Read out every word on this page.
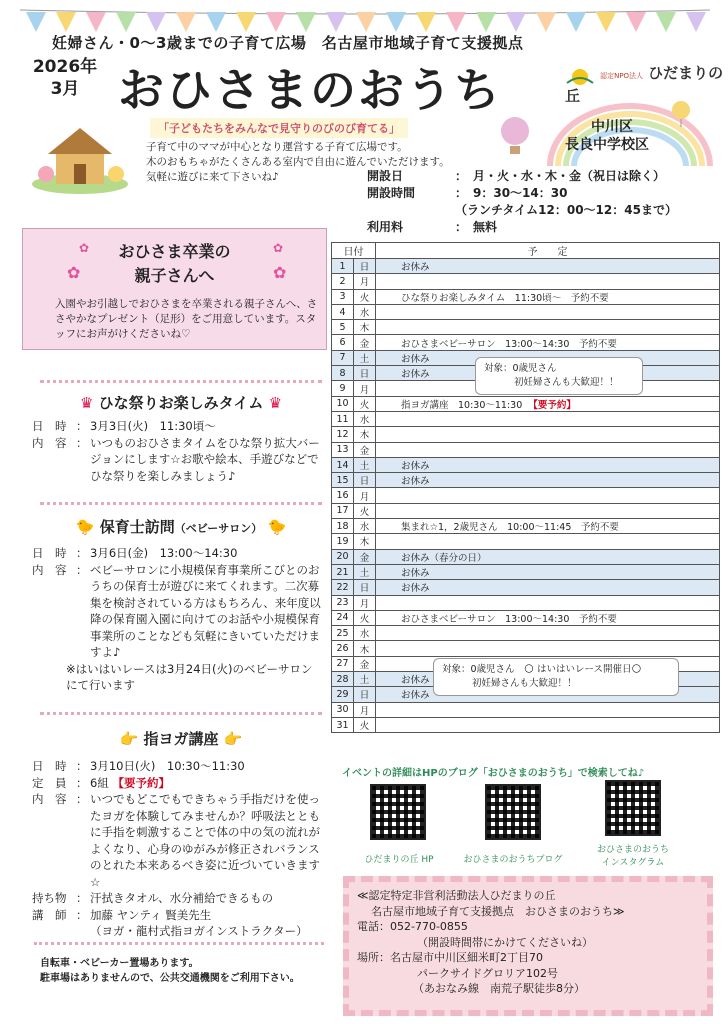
妊婦さん・0～3歳までの子育て広場　名古屋市地域子育て支援拠点
2026年
3月 おひさまのおうち	認定NPO法人 ひだまりの丘
中川区
長良中学校区
「子どもたちをみんなで見守りのびのび育てる」
子育て中のママが中心となり運営する子育て広場です。
木のおもちゃがたくさんある室内で自由に遊んでいただけます。
気軽に遊びに来て下さいね♪	開設日	：　月・火・水・木・金（祝日は除く）
開設時間	：　9：30～14：30
（ランチタイム12：00～12：45まで）
利用料	：　無料
日付		予　　定
1	日	お休み
2	月	
3	火	ひな祭りお楽しみタイム　11:30頃～　予約不要
4	水	
5	木	
6	金	おひさまベビーサロン　13:00～14:30　予約不要
7	土	お休み
8	日	お休み
9	月	
10	火	指ヨガ講座　10:30～11:30 【要予約】
11	水	
12	木	
13	金	
14	土	お休み
15	日	お休み
16	月	
17	火	
18	水	集まれ☆1，2歳児さん　10:00～11:45　予約不要
19	木	
20	金	お休み（春分の日）
21	土	お休み
22	日	お休み
23	月	
24	火	おひさまベビーサロン　13:00～14:30　予約不要
25	水	
26	木	
27	金	
28	土	お休み
29	日	お休み
30	月	
31	火	
対象：0歳児さん
初妊婦さんも大歓迎！！
対象：0歳児さん　🌕 はいはいレース開催日🌕
初妊婦さんも大歓迎！！
おひさま卒業の
親子さんへ
✿	✿
✿	✿
入園やお引越しでおひさまを卒業される親子さんへ、ささやかなプレゼント（足形）をご用意しています。スタッフにお声がけくださいね♡
♛ ひな祭りお楽しみタイム ♛
日　時 ： 3月3日(火)　11:30頃～
内　容 ： いつものおひさまタイムをひな祭り拡大バージョンにします☆お歌や絵本、手遊びなどでひな祭りを楽しみましょう♪
🐤 保育士訪問（ベビーサロン） 🐤
日　時 ： 3月6日(金)　13:00～14:30
内　容 ： ベビーサロンに小規模保育事業所こびとのおうちの保育士が遊びに来てくれます。二次募集を検討されている方はもちろん、来年度以降の保育園入園に向けてのお話や小規模保育事業所のことなども気軽にきいていただけますよ♪
※はいはいレースは3月24日(火)のベビーサロンにて行います
👉 指ヨガ講座 👉
日　時 ： 3月10日(火)　10:30～11:30
定　員 ： 6組
【要予約】
内　容 ： いつでもどこでもできちゃう手指だけを使ったヨガを体験してみませんか？呼吸法とともに手指を刺激することで体の中の気の流れがよくなり、心身のゆがみが修正されバランスのとれた本来あるべき姿に近づいていきます☆
持ち物 ： 汗拭きタオル、水分補給できるもの
講　師 ： 加藤 ヤンティ 賢美先生
（ヨガ・龍村式指ヨガインストラクター）
自転車・ベビーカー置場あります。
駐車場はありませんので、公共交通機関をご利用下さい。
イベントの詳細はHPのブログ「おひさまのおうち」で検索してね♪
ひだまりの丘 HP	おひさまのおうちブログ
おひさまのおうち
インスタグラム
≪認定特定非営利活動法人ひだまりの丘
名古屋市地域子育て支援拠点　おひさまのおうち≫
電話：052-770-0855
（開設時間帯にかけてくださいね）
場所：名古屋市中川区細米町2丁目70
パークサイドグロリア102号
（あおなみ線　南荒子駅徒歩8分）
